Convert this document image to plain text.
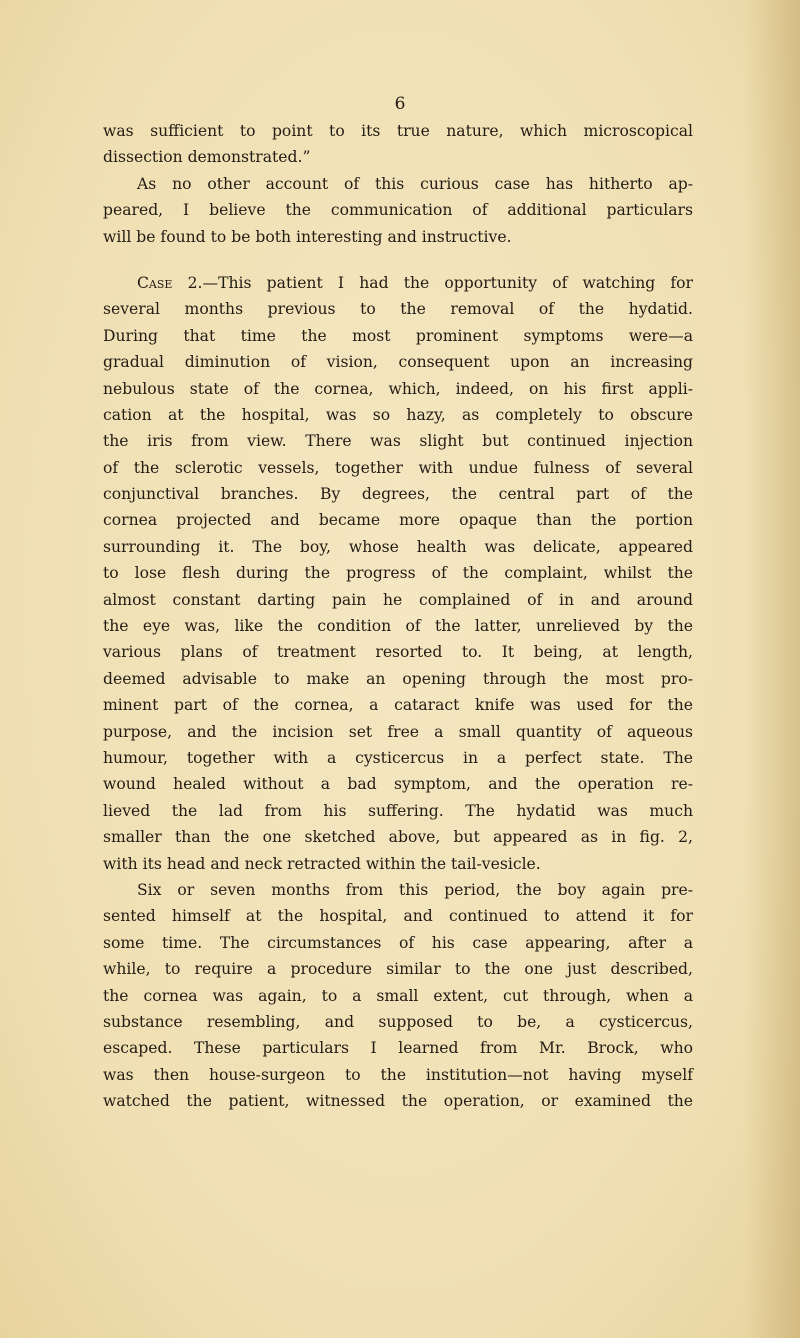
6
was sufficient to point to its true nature, which microscopical
dissection demonstrated.”
As no other account of this curious case has hitherto ap-
peared, I believe the communication of additional particulars
will be found to be both interesting and instructive.
Case 2.—This patient I had the opportunity of watching for
several months previous to the removal of the hydatid.
During that time the most prominent symptoms were—a
gradual diminution of vision, consequent upon an increasing
nebulous state of the cornea, which, indeed, on his first appli-
cation at the hospital, was so hazy, as completely to obscure
the iris from view. There was slight but continued injection
of the sclerotic vessels, together with undue fulness of several
conjunctival branches. By degrees, the central part of the
cornea projected and became more opaque than the portion
surrounding it. The boy, whose health was delicate, appeared
to lose flesh during the progress of the complaint, whilst the
almost constant darting pain he complained of in and around
the eye was, like the condition of the latter, unrelieved by the
various plans of treatment resorted to. It being, at length,
deemed advisable to make an opening through the most pro-
minent part of the cornea, a cataract knife was used for the
purpose, and the incision set free a small quantity of aqueous
humour, together with a cysticercus in a perfect state. The
wound healed without a bad symptom, and the operation re-
lieved the lad from his suffering. The hydatid was much
smaller than the one sketched above, but appeared as in fig. 2,
with its head and neck retracted within the tail-vesicle.
Six or seven months from this period, the boy again pre-
sented himself at the hospital, and continued to attend it for
some time. The circumstances of his case appearing, after a
while, to require a procedure similar to the one just described,
the cornea was again, to a small extent, cut through, when a
substance resembling, and supposed to be, a cysticercus,
escaped. These particulars I learned from Mr. Brock, who
was then house-surgeon to the institution—not having myself
watched the patient, witnessed the operation, or examined the
